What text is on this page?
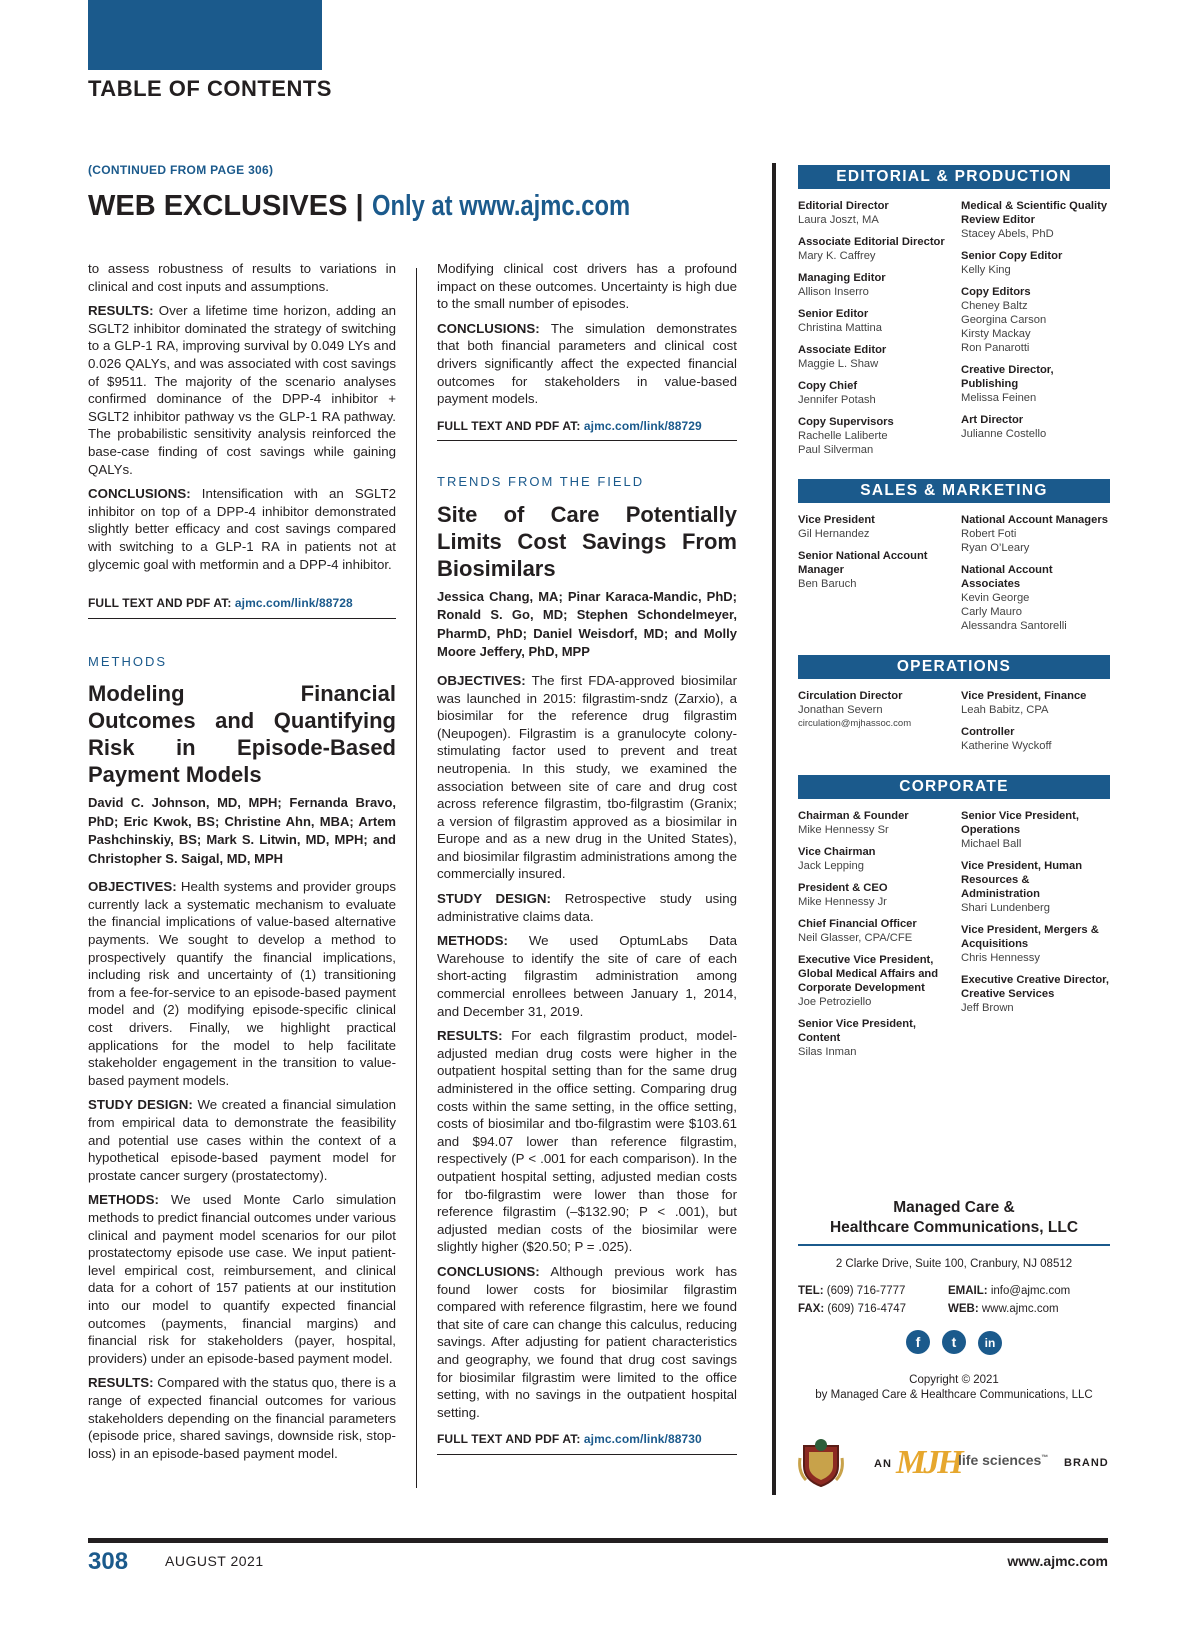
TABLE OF CONTENTS
(CONTINUED FROM PAGE 306)
WEB EXCLUSIVES | Only at www.ajmc.com

to assess robustness of results to variations in clinical and cost inputs and assumptions.

RESULTS: Over a lifetime time horizon, adding an SGLT2 inhibitor dominated the strategy of switching to a GLP-1 RA, improving survival by 0.049 LYs and 0.026 QALYs, and was associated with cost savings of $9511. The majority of the scenario analyses confirmed dominance of the DPP-4 inhibitor + SGLT2 inhibitor pathway vs the GLP-1 RA pathway. The probabilistic sensitivity analysis reinforced the base-case finding of cost savings while gaining QALYs.

CONCLUSIONS: Intensification with an SGLT2 inhibitor on top of a DPP-4 inhibitor demonstrated slightly better efficacy and cost savings compared with switching to a GLP-1 RA in patients not at glycemic goal with metformin and a DPP-4 inhibitor.

FULL TEXT AND PDF AT: ajmc.com/link/88728
METHODS
Modeling Financial Outcomes and Quantifying Risk in Episode-Based Payment Models
David C. Johnson, MD, MPH; Fernanda Bravo, PhD; Eric Kwok, BS; Christine Ahn, MBA; Artem Pashchinskiy, BS; Mark S. Litwin, MD, MPH; and Christopher S. Saigal, MD, MPH

OBJECTIVES: Health systems and provider groups currently lack a systematic mechanism to evaluate the financial implications of value-based alternative payments. We sought to develop a method to prospectively quantify the financial implications, including risk and uncertainty of (1) transitioning from a fee-for-service to an episode-based payment model and (2) modifying episode-specific clinical cost drivers. Finally, we highlight practical applications for the model to help facilitate stakeholder engagement in the transition to value-based payment models.

STUDY DESIGN: We created a financial simulation from empirical data to demonstrate the feasibility and potential use cases within the context of a hypothetical episode-based payment model for prostate cancer surgery (prostatectomy).

METHODS: We used Monte Carlo simulation methods to predict financial outcomes under various clinical and payment model scenarios for our pilot prostatectomy episode use case. We input patient-level empirical cost, reimbursement, and clinical data for a cohort of 157 patients at our institution into our model to quantify expected financial outcomes (payments, financial margins) and financial risk for stakeholders (payer, hospital, providers) under an episode-based payment model.

RESULTS: Compared with the status quo, there is a range of expected financial outcomes for various stakeholders depending on the financial parameters (episode price, shared savings, downside risk, stop-loss) in an episode-based payment model.

Modifying clinical cost drivers has a profound impact on these outcomes. Uncertainty is high due to the small number of episodes.

CONCLUSIONS: The simulation demonstrates that both financial parameters and clinical cost drivers significantly affect the expected financial outcomes for stakeholders in value-based payment models.

FULL TEXT AND PDF AT: ajmc.com/link/88729
TRENDS FROM THE FIELD
Site of Care Potentially Limits Cost Savings From Biosimilars
Jessica Chang, MA; Pinar Karaca-Mandic, PhD; Ronald S. Go, MD; Stephen Schondelmeyer, PharmD, PhD; Daniel Weisdorf, MD; and Molly Moore Jeffery, PhD, MPP

OBJECTIVES: The first FDA-approved biosimilar was launched in 2015: filgrastim-sndz (Zarxio), a biosimilar for the reference drug filgrastim (Neupogen). Filgrastim is a granulocyte colony-stimulating factor used to prevent and treat neutropenia. In this study, we examined the association between site of care and drug cost across reference filgrastim, tbo-filgrastim (Granix; a version of filgrastim approved as a biosimilar in Europe and as a new drug in the United States), and biosimilar filgrastim administrations among the commercially insured.

STUDY DESIGN: Retrospective study using administrative claims data.

METHODS: We used OptumLabs Data Warehouse to identify the site of care of each short-acting filgrastim administration among commercial enrollees between January 1, 2014, and December 31, 2019.

RESULTS: For each filgrastim product, model-adjusted median drug costs were higher in the outpatient hospital setting than for the same drug administered in the office setting. Comparing drug costs within the same setting, in the office setting, costs of biosimilar and tbo-filgrastim were $103.61 and $94.07 lower than reference filgrastim, respectively (P < .001 for each comparison). In the outpatient hospital setting, adjusted median costs for tbo-filgrastim were lower than those for reference filgrastim (–$132.90; P < .001), but adjusted median costs of the biosimilar were slightly higher ($20.50; P = .025).

CONCLUSIONS: Although previous work has found lower costs for biosimilar filgrastim compared with reference filgrastim, here we found that site of care can change this calculus, reducing savings. After adjusting for patient characteristics and geography, we found that drug cost savings for biosimilar filgrastim were limited to the office setting, with no savings in the outpatient hospital setting.

FULL TEXT AND PDF AT: ajmc.com/link/88730
EDITORIAL & PRODUCTION
Editorial Director
Laura Joszt, MA
Associate Editorial Director
Mary K. Caffrey
Managing Editor
Allison Inserro
Senior Editor
Christina Mattina
Associate Editor
Maggie L. Shaw
Copy Chief
Jennifer Potash
Copy Supervisors
Rachelle Laliberte
Paul Silverman
Medical & Scientific Quality Review Editor
Stacey Abels, PhD
Senior Copy Editor
Kelly King
Copy Editors
Cheney Baltz
Georgina Carson
Kirsty Mackay
Ron Panarotti
Creative Director, Publishing
Melissa Feinen
Art Director
Julianne Costello
SALES & MARKETING
Vice President
Gil Hernandez
Senior National Account Manager
Ben Baruch
National Account Managers
Robert Foti
Ryan O’Leary
National Account Associates
Kevin George
Carly Mauro
Alessandra Santorelli
OPERATIONS
Circulation Director
Jonathan Severn
circulation@mjhassoc.com
Vice President, Finance
Leah Babitz, CPA
Controller
Katherine Wyckoff
CORPORATE
Chairman & Founder
Mike Hennessy Sr
Vice Chairman
Jack Lepping
President & CEO
Mike Hennessy Jr
Chief Financial Officer
Neil Glasser, CPA/CFE
Executive Vice President, Global Medical Affairs and Corporate Development
Joe Petroziello
Senior Vice President, Content
Silas Inman
Senior Vice President, Operations
Michael Ball
Vice President, Human Resources & Administration
Shari Lundenberg
Vice President, Mergers & Acquisitions
Chris Hennessy
Executive Creative Director, Creative Services
Jeff Brown
Managed Care &
Healthcare Communications, LLC
2 Clarke Drive, Suite 100, Cranbury, NJ 08512
TEL: (609) 716-7777	EMAIL: info@ajmc.com
FAX: (609) 716-4747	WEB: www.ajmc.com
f t in
Copyright © 2021
by Managed Care & Healthcare Communications, LLC
AN MJH
life sciences™ BRAND
308	AUGUST 2021	www.ajmc.com
